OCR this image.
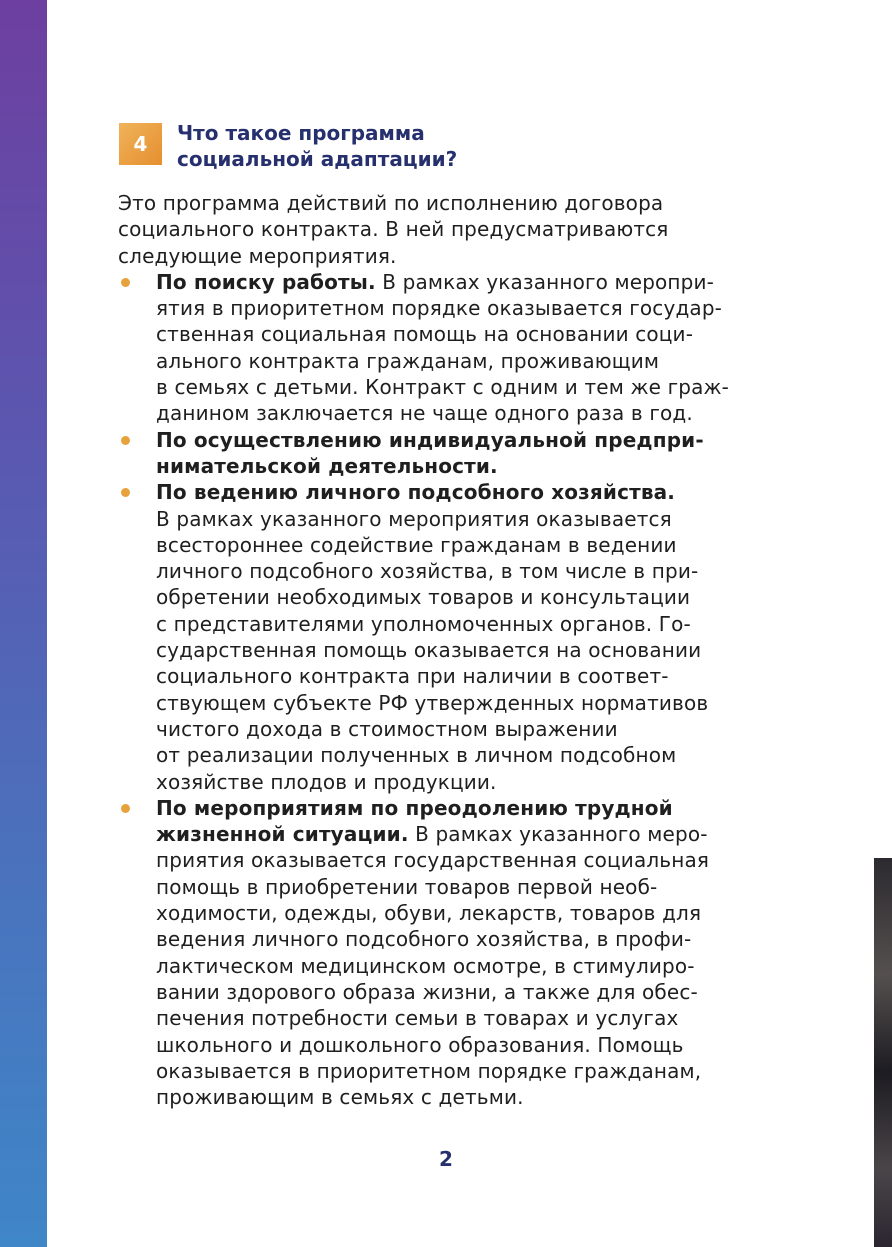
4 Что такое программа
социальной адаптации?
Это программа действий по исполнению договора
социального контракта. В ней предусматриваются
следующие мероприятия.
По поиску работы. В рамках указанного меропри-
ятия в приоритетном порядке оказывается государ-
ственная социальная помощь на основании соци-
ального контракта гражданам, проживающим
в семьях с детьми. Контракт с одним и тем же граж-
данином заключается не чаще одного раза в год.
По осуществлению индивидуальной предпри-
нимательской деятельности.
По ведению личного подсобного хозяйства.
В рамках указанного мероприятия оказывается
всестороннее содействие гражданам в ведении
личного подсобного хозяйства, в том числе в при-
обретении необходимых товаров и консультации
с представителями уполномоченных органов. Го-
сударственная помощь оказывается на основании
социального контракта при наличии в соответ-
ствующем субъекте РФ утвержденных нормативов
чистого дохода в стоимостном выражении
от реализации полученных в личном подсобном
хозяйстве плодов и продукции.
По мероприятиям по преодолению трудной
жизненной ситуации. В рамках указанного меро-
приятия оказывается государственная социальная
помощь в приобретении товаров первой необ-
ходимости, одежды, обуви, лекарств, товаров для
ведения личного подсобного хозяйства, в профи-
лактическом медицинском осмотре, в стимулиро-
вании здорового образа жизни, а также для обес-
печения потребности семьи в товарах и услугах
школьного и дошкольного образования. Помощь
оказывается в приоритетном порядке гражданам,
проживающим в семьях с детьми.
2
